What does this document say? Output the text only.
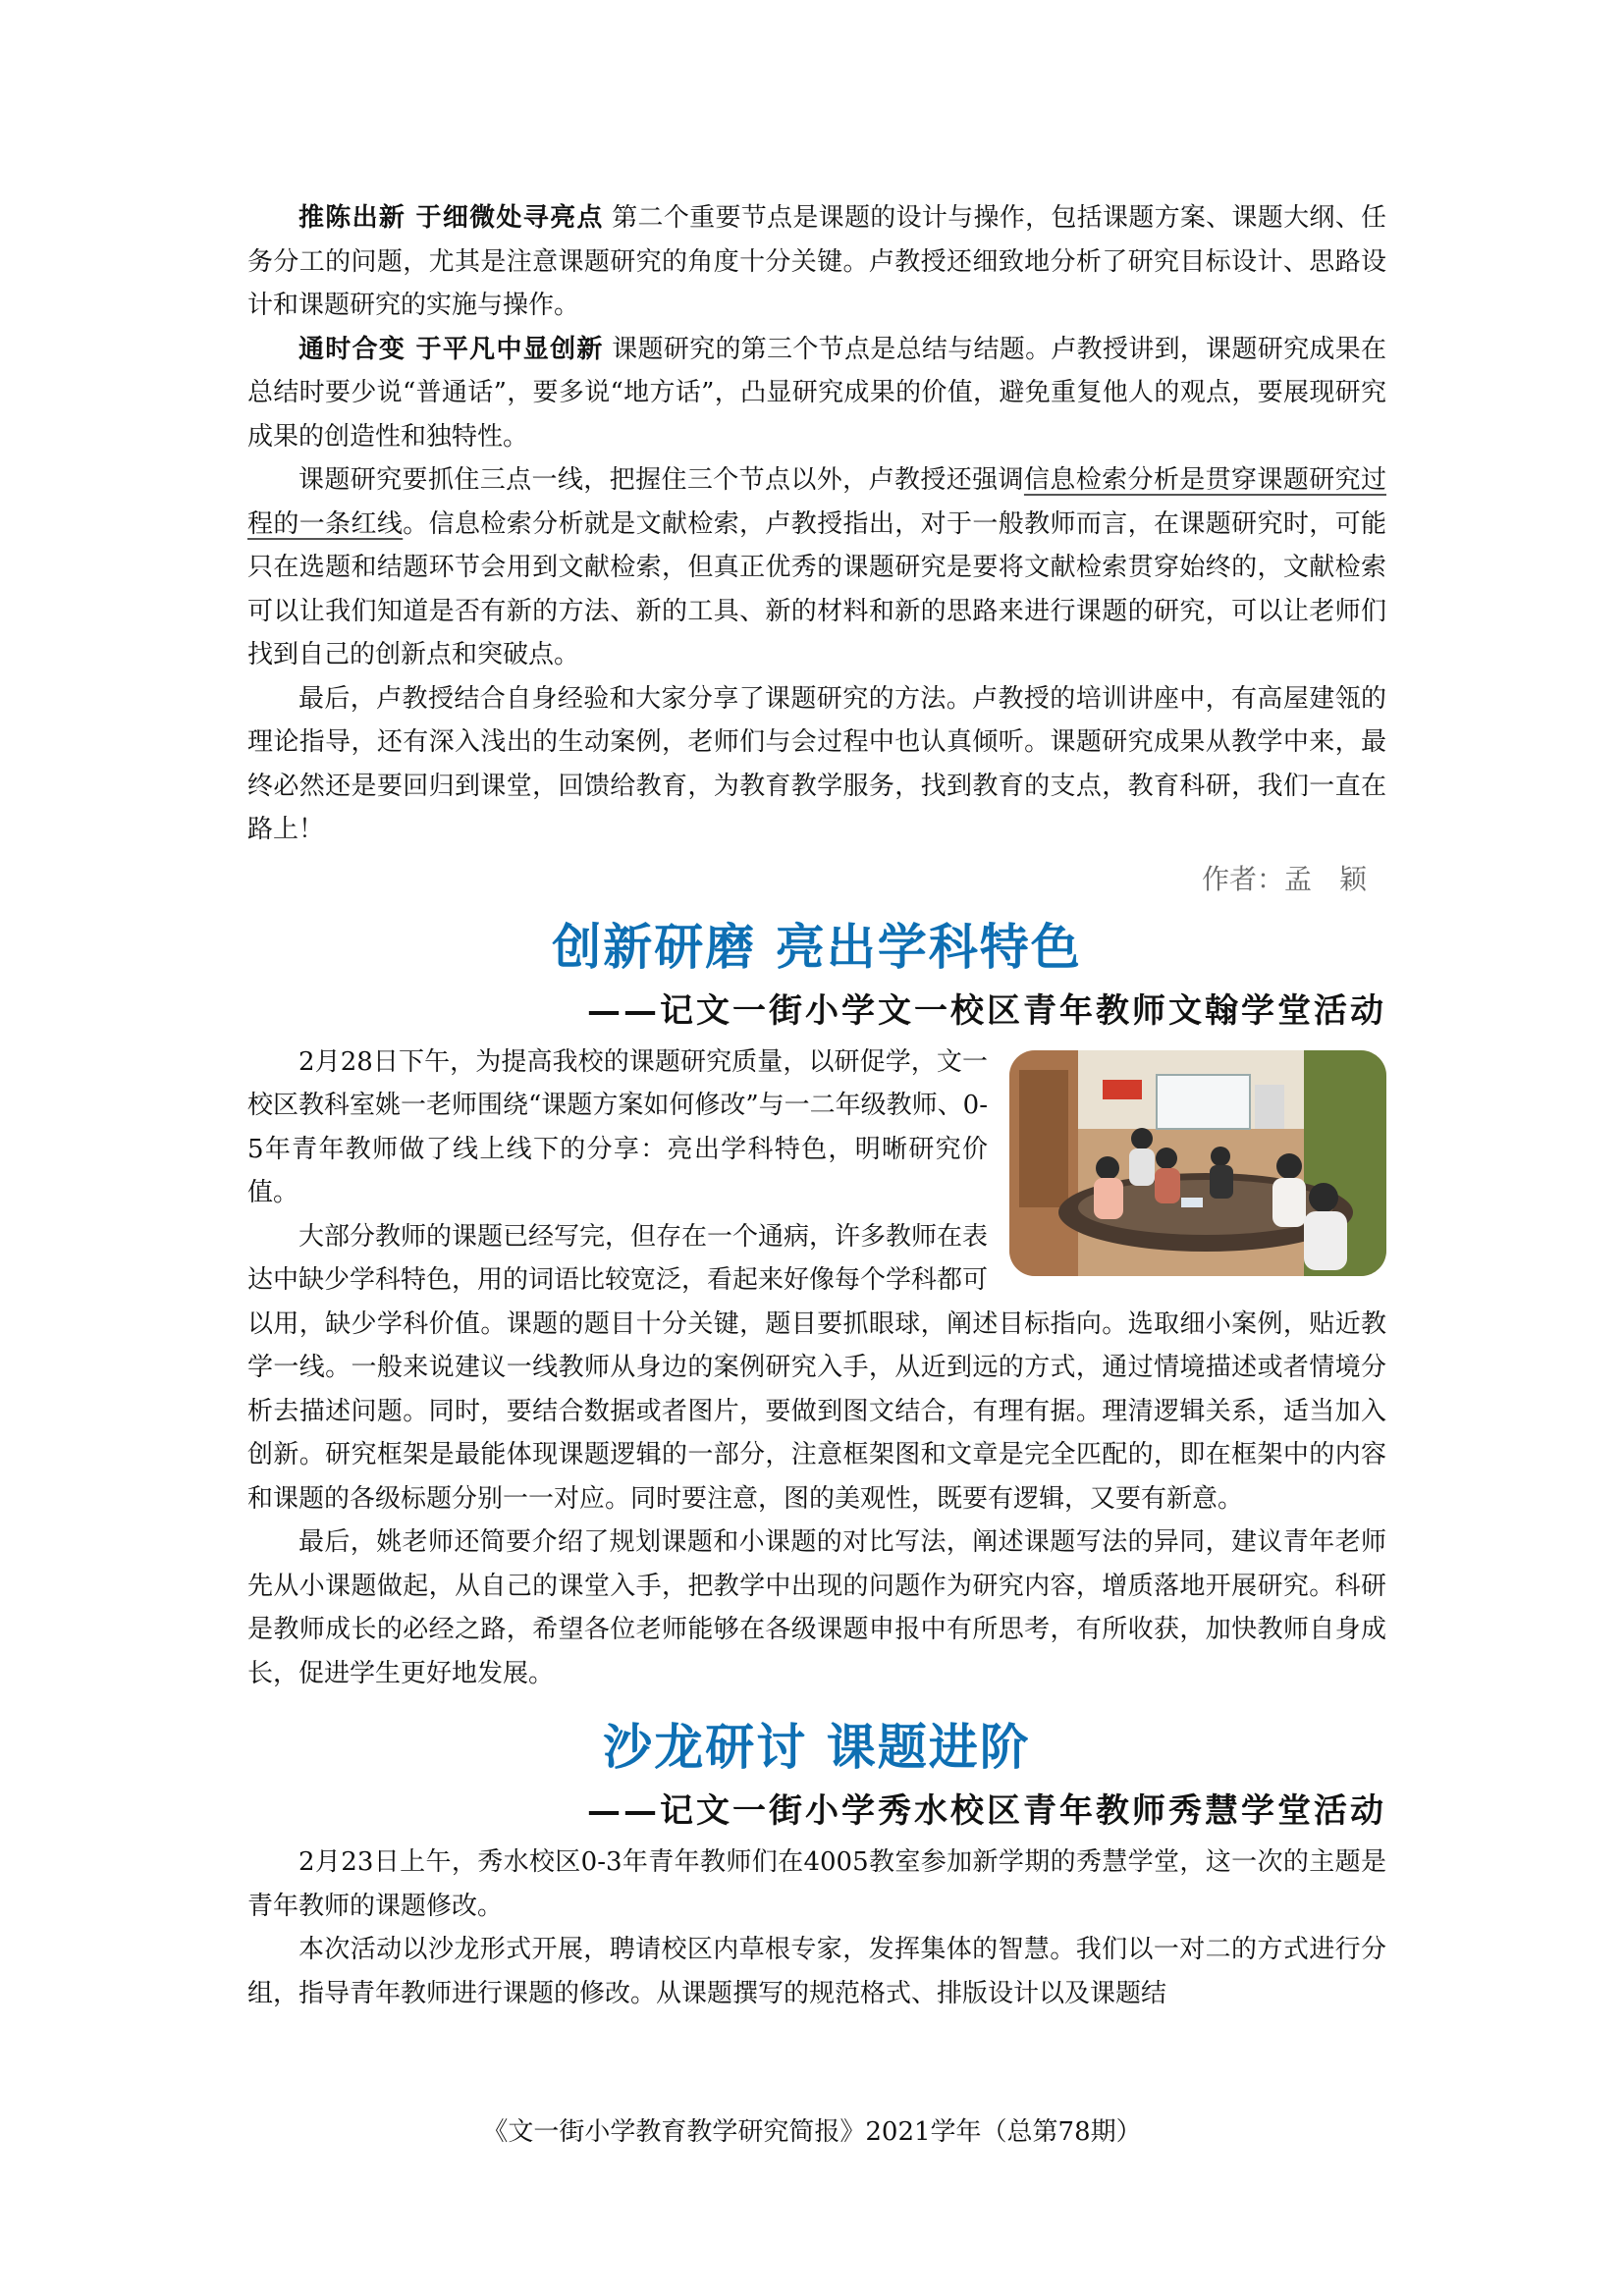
推陈出新 于细微处寻亮点 第二个重要节点是课题的设计与操作，包括课题方案、课题大纲、任务分工的问题，尤其是注意课题研究的角度十分关键。卢教授还细致地分析了研究目标设计、思路设计和课题研究的实施与操作。

通时合变 于平凡中显创新 课题研究的第三个节点是总结与结题。卢教授讲到，课题研究成果在总结时要少说“普通话”，要多说“地方话”，凸显研究成果的价值，避免重复他人的观点，要展现研究成果的创造性和独特性。

课题研究要抓住三点一线，把握住三个节点以外，卢教授还强调信息检索分析是贯穿课题研究过程的一条红线。信息检索分析就是文献检索，卢教授指出，对于一般教师而言，在课题研究时，可能只在选题和结题环节会用到文献检索，但真正优秀的课题研究是要将文献检索贯穿始终的，文献检索可以让我们知道是否有新的方法、新的工具、新的材料和新的思路来进行课题的研究，可以让老师们找到自己的创新点和突破点。

最后，卢教授结合自身经验和大家分享了课题研究的方法。卢教授的培训讲座中，有高屋建瓴的理论指导，还有深入浅出的生动案例，老师们与会过程中也认真倾听。课题研究成果从教学中来，最终必然还是要回归到课堂，回馈给教育，为教育教学服务，找到教育的支点，教育科研，我们一直在路上！

作者：孟　颖
创新研磨 亮出学科特色
——记文一街小学文一校区青年教师文翰学堂活动

2月28日下午，为提高我校的课题研究质量，以研促学，文一校区教科室姚一老师围绕“课题方案如何修改”与一二年级教师、0-5年青年教师做了线上线下的分享：亮出学科特色，明晰研究价值。

大部分教师的课题已经写完，但存在一个通病，许多教师在表达中缺少学科特色，用的词语比较宽泛，看起来好像每个学科都可以用，缺少学科价值。课题的题目十分关键，题目要抓眼球，阐述目标指向。选取细小案例，贴近教学一线。一般来说建议一线教师从身边的案例研究入手，从近到远的方式，通过情境描述或者情境分析去描述问题。同时，要结合数据或者图片，要做到图文结合，有理有据。理清逻辑关系，适当加入创新。研究框架是最能体现课题逻辑的一部分，注意框架图和文章是完全匹配的，即在框架中的内容和课题的各级标题分别一一对应。同时要注意，图的美观性，既要有逻辑，又要有新意。

最后，姚老师还简要介绍了规划课题和小课题的对比写法，阐述课题写法的异同，建议青年老师先从小课题做起，从自己的课堂入手，把教学中出现的问题作为研究内容，增质落地开展研究。科研是教师成长的必经之路，希望各位老师能够在各级课题申报中有所思考，有所收获，加快教师自身成长，促进学生更好地发展。

沙龙研讨 课题进阶
——记文一街小学秀水校区青年教师秀慧学堂活动

2月23日上午，秀水校区0-3年青年教师们在4005教室参加新学期的秀慧学堂，这一次的主题是青年教师的课题修改。

本次活动以沙龙形式开展，聘请校区内草根专家，发挥集体的智慧。我们以一对二的方式进行分组，指导青年教师进行课题的修改。从课题撰写的规范格式、排版设计以及课题结

《文一街小学教育教学研究简报》2021学年（总第78期）
